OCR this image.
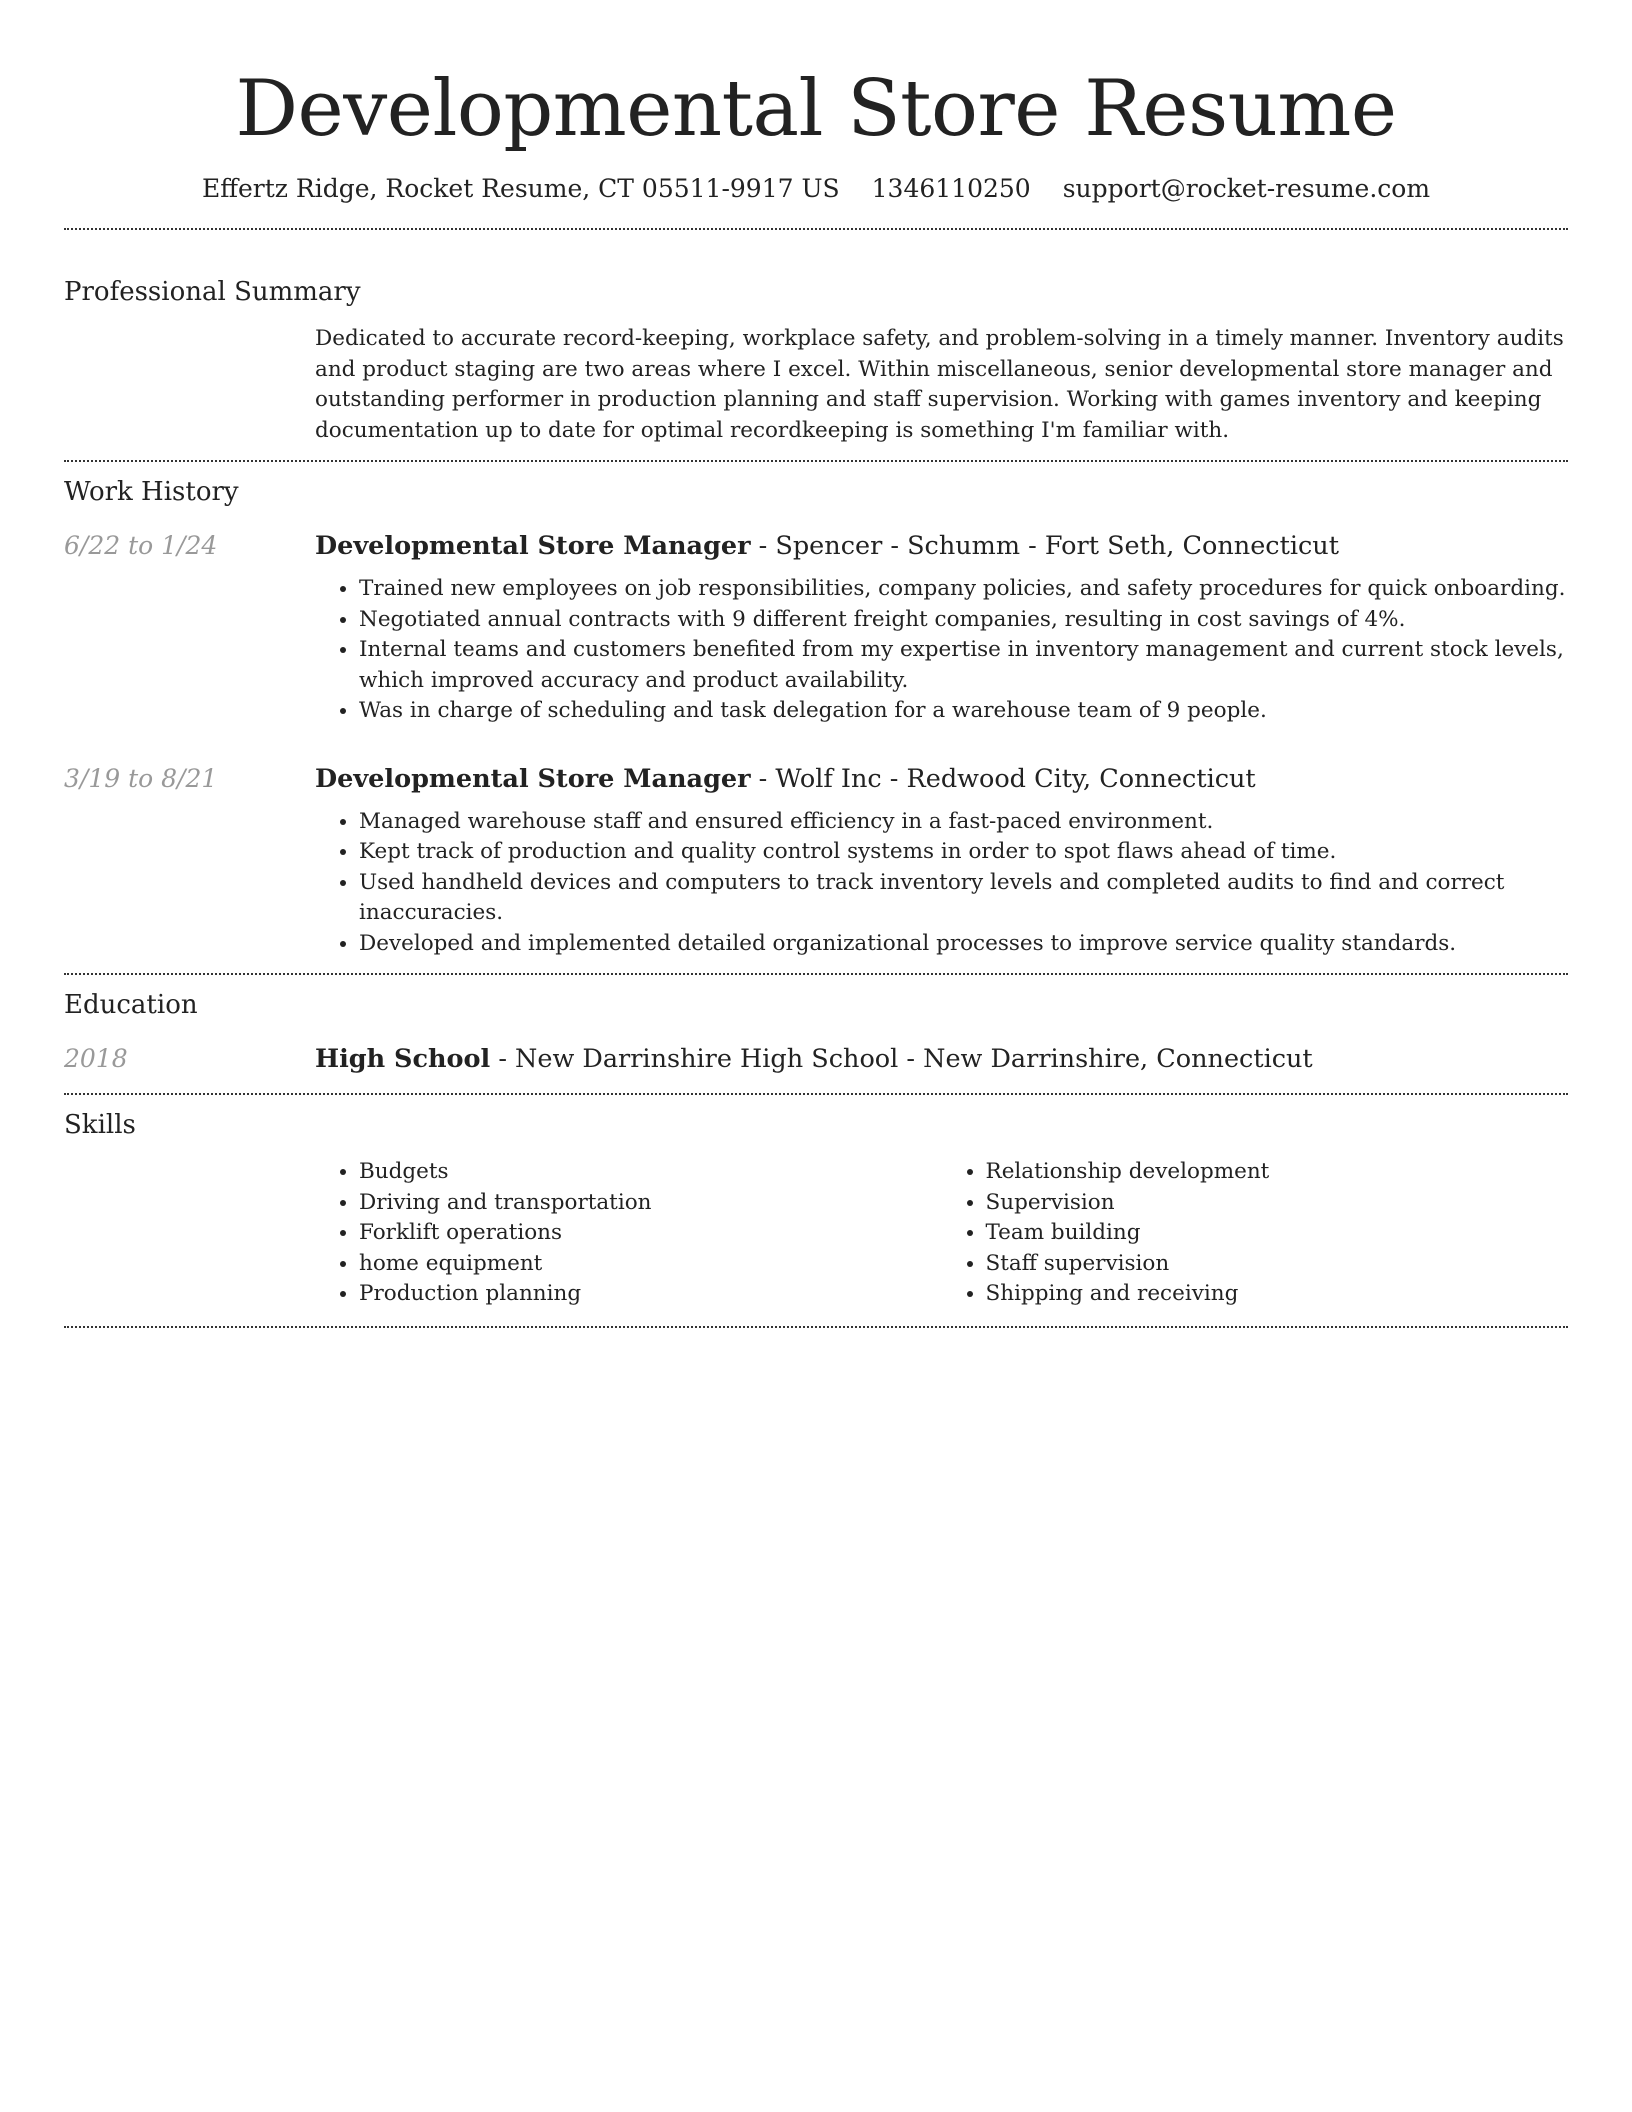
Developmental Store Resume
Effertz Ridge, Rocket Resume, CT 05511-9917 US 1346110250 support@rocket-resume.com
Professional Summary
Dedicated to accurate record-keeping, workplace safety, and problem-solving in a timely manner. Inventory audits and product staging are two areas where I excel. Within miscellaneous, senior developmental store manager and outstanding performer in production planning and staff supervision. Working with games inventory and keeping documentation up to date for optimal recordkeeping is something I'm familiar with.
Work History
6/22 to 1/24	Developmental Store Manager - Spencer - Schumm - Fort Seth, Connecticut
• Trained new employees on job responsibilities, company policies, and safety procedures for quick onboarding.
• Negotiated annual contracts with 9 different freight companies, resulting in cost savings of 4%.
• Internal teams and customers benefited from my expertise in inventory management and current stock levels, which improved accuracy and product availability.
• Was in charge of scheduling and task delegation for a warehouse team of 9 people.
3/19 to 8/21	Developmental Store Manager - Wolf Inc - Redwood City, Connecticut
• Managed warehouse staff and ensured efficiency in a fast-paced environment.
• Kept track of production and quality control systems in order to spot flaws ahead of time.
• Used handheld devices and computers to track inventory levels and completed audits to find and correct inaccuracies.
• Developed and implemented detailed organizational processes to improve service quality standards.
Education
2018	High School - New Darrinshire High School - New Darrinshire, Connecticut
Skills
• Budgets
• Driving and transportation
• Forklift operations
• home equipment
• Production planning
• Relationship development
• Supervision
• Team building
• Staff supervision
• Shipping and receiving
